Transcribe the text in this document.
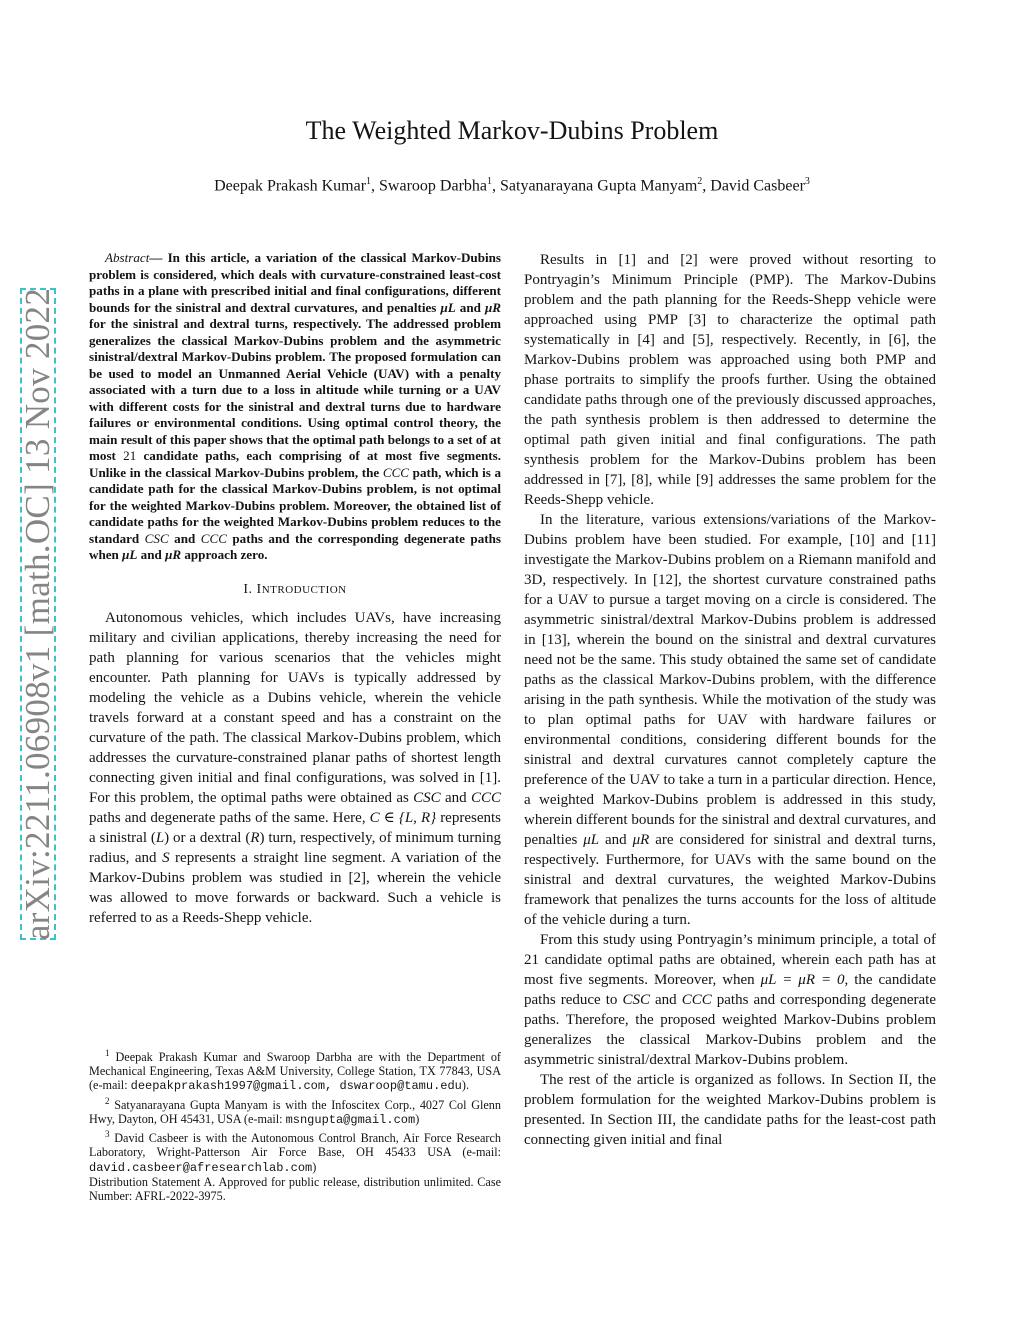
arXiv:2211.06908v1 [math.OC] 13 Nov 2022
The Weighted Markov-Dubins Problem
Deepak Prakash Kumar$^1$, Swaroop Darbha$^1$, Satyanarayana Gupta Manyam$^2$, David Casbeer$^3$

Abstract— In this article, a variation of the classical Markov-Dubins problem is considered, which deals with curvature-constrained least-cost paths in a plane with prescribed initial and final configurations, different bounds for the sinistral and dextral curvatures, and penalties μL and μR for the sinistral and dextral turns, respectively. The addressed problem generalizes the classical Markov-Dubins problem and the asymmetric sinistral/dextral Markov-Dubins problem. The proposed formulation can be used to model an Unmanned Aerial Vehicle (UAV) with a penalty associated with a turn due to a loss in altitude while turning or a UAV with different costs for the sinistral and dextral turns due to hardware failures or environmental conditions. Using optimal control theory, the main result of this paper shows that the optimal path belongs to a set of at most 21 candidate paths, each comprising of at most five segments. Unlike in the classical Markov-Dubins problem, the CCC path, which is a candidate path for the classical Markov-Dubins problem, is not optimal for the weighted Markov-Dubins problem. Moreover, the obtained list of candidate paths for the weighted Markov-Dubins problem reduces to the standard CSC and CCC paths and the corresponding degenerate paths when μL and μR approach zero.

I. INTRODUCTION

Autonomous vehicles, which includes UAVs, have increasing military and civilian applications, thereby increasing the need for path planning for various scenarios that the vehicles might encounter. Path planning for UAVs is typically addressed by modeling the vehicle as a Dubins vehicle, wherein the vehicle travels forward at a constant speed and has a constraint on the curvature of the path. The classical Markov-Dubins problem, which addresses the curvature-constrained planar paths of shortest length connecting given initial and final configurations, was solved in [1]. For this problem, the optimal paths were obtained as CSC and CCC paths and degenerate paths of the same. Here, C ∈ {L, R} represents a sinistral (L) or a dextral (R) turn, respectively, of minimum turning radius, and S represents a straight line segment. A variation of the Markov-Dubins problem was studied in [2], wherein the vehicle was allowed to move forwards or backward. Such a vehicle is referred to as a Reeds-Shepp vehicle.

$^1$ Deepak Prakash Kumar and Swaroop Darbha are with the Department of Mechanical Engineering, Texas A&M University, College Station, TX 77843, USA (e-mail: deepakprakash1997@gmail.com, dswaroop@tamu.edu).

$^2$ Satyanarayana Gupta Manyam is with the Infoscitex Corp., 4027 Col Glenn Hwy, Dayton, OH 45431, USA (e-mail: msngupta@gmail.com)

$^3$ David Casbeer is with the Autonomous Control Branch, Air Force Research Laboratory, Wright-Patterson Air Force Base, OH 45433 USA (e-mail: david.casbeer@afresearchlab.com)

Distribution Statement A. Approved for public release, distribution unlimited. Case Number: AFRL-2022-3975.

Results in [1] and [2] were proved without resorting to Pontryagin’s Minimum Principle (PMP). The Markov-Dubins problem and the path planning for the Reeds-Shepp vehicle were approached using PMP [3] to characterize the optimal path systematically in [4] and [5], respectively. Recently, in [6], the Markov-Dubins problem was approached using both PMP and phase portraits to simplify the proofs further. Using the obtained candidate paths through one of the previously discussed approaches, the path synthesis problem is then addressed to determine the optimal path given initial and final configurations. The path synthesis problem for the Markov-Dubins problem has been addressed in [7], [8], while [9] addresses the same problem for the Reeds-Shepp vehicle.

In the literature, various extensions/variations of the Markov-Dubins problem have been studied. For example, [10] and [11] investigate the Markov-Dubins problem on a Riemann manifold and 3D, respectively. In [12], the shortest curvature constrained paths for a UAV to pursue a target moving on a circle is considered. The asymmetric sinistral/dextral Markov-Dubins problem is addressed in [13], wherein the bound on the sinistral and dextral curvatures need not be the same. This study obtained the same set of candidate paths as the classical Markov-Dubins problem, with the difference arising in the path synthesis. While the motivation of the study was to plan optimal paths for UAV with hardware failures or environmental conditions, considering different bounds for the sinistral and dextral curvatures cannot completely capture the preference of the UAV to take a turn in a particular direction. Hence, a weighted Markov-Dubins problem is addressed in this study, wherein different bounds for the sinistral and dextral curvatures, and penalties μL and μR are considered for sinistral and dextral turns, respectively. Furthermore, for UAVs with the same bound on the sinistral and dextral curvatures, the weighted Markov-Dubins framework that penalizes the turns accounts for the loss of altitude of the vehicle during a turn.

From this study using Pontryagin’s minimum principle, a total of 21 candidate optimal paths are obtained, wherein each path has at most five segments. Moreover, when μL = μR = 0, the candidate paths reduce to CSC and CCC paths and corresponding degenerate paths. Therefore, the proposed weighted Markov-Dubins problem generalizes the classical Markov-Dubins problem and the asymmetric sinistral/dextral Markov-Dubins problem.

The rest of the article is organized as follows. In Section II, the problem formulation for the weighted Markov-Dubins problem is presented. In Section III, the candidate paths for the least-cost path connecting given initial and final
